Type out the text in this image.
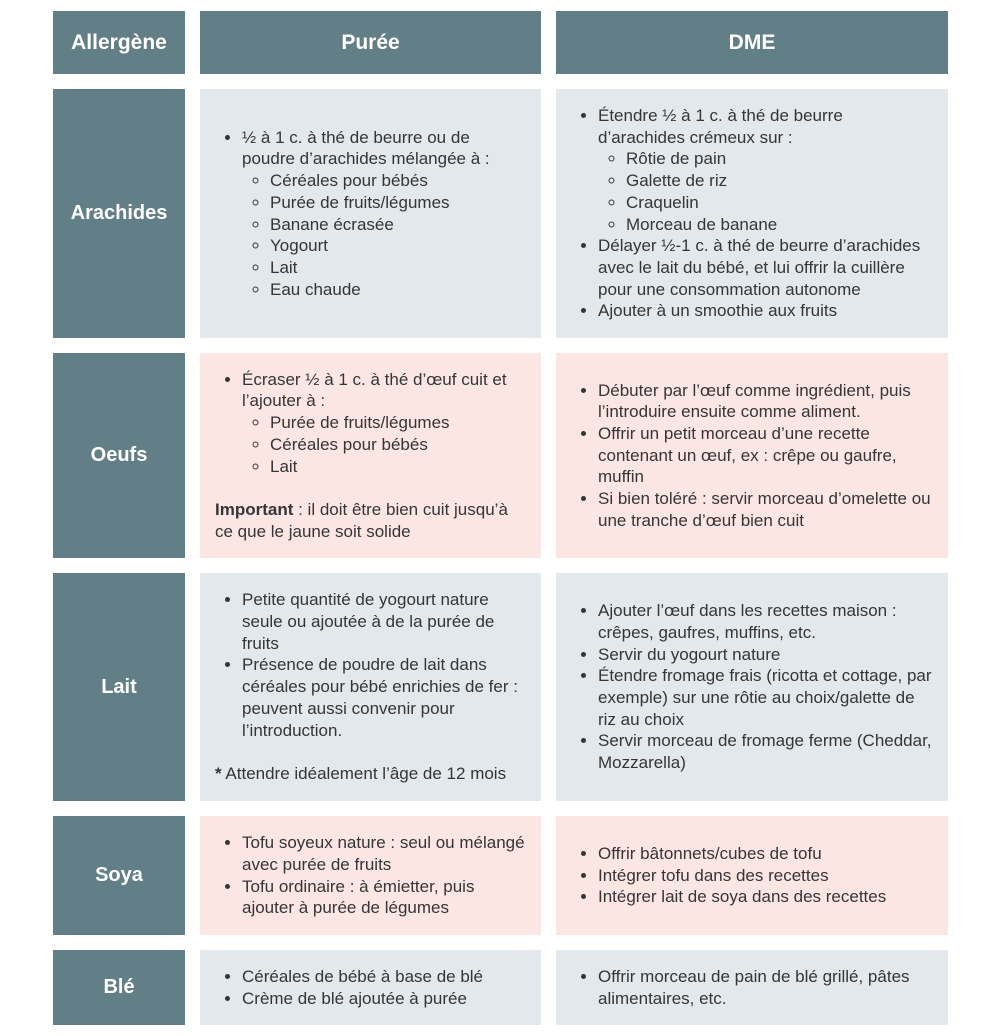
Allergène	Purée	DME
Arachides
• ½ à 1 c. à thé de beurre ou de poudre d’arachides mélangée à :
◦ Céréales pour bébés
◦ Purée de fruits/légumes
◦ Banane écrasée
◦ Yogourt
◦ Lait
◦ Eau chaude
• Étendre ½ à 1 c. à thé de beurre d’arachides crémeux sur :
◦ Rôtie de pain
◦ Galette de riz
◦ Craquelin
◦ Morceau de banane
• Délayer ½-1 c. à thé de beurre d’arachides avec le lait du bébé, et lui offrir la cuillère pour une consommation autonome
• Ajouter à un smoothie aux fruits
Oeufs
• Écraser ½ à 1 c. à thé d’œuf cuit et l’ajouter à :
◦ Purée de fruits/légumes
◦ Céréales pour bébés
◦ Lait

Important : il doit être bien cuit jusqu’à ce que le jaune soit solide

• Débuter par l’œuf comme ingrédient, puis l’introduire ensuite comme aliment.
• Offrir un petit morceau d’une recette contenant un œuf, ex : crêpe ou gaufre, muffin
• Si bien toléré : servir morceau d’omelette ou une tranche d’œuf bien cuit
Lait
• Petite quantité de yogourt nature seule ou ajoutée à de la purée de fruits
• Présence de poudre de lait dans céréales pour bébé enrichies de fer : peuvent aussi convenir pour l’introduction.

* Attendre idéalement l’âge de 12 mois

• Ajouter l’œuf dans les recettes maison : crêpes, gaufres, muffins, etc.
• Servir du yogourt nature
• Étendre fromage frais (ricotta et cottage, par exemple) sur une rôtie au choix/galette de riz au choix
• Servir morceau de fromage ferme (Cheddar, Mozzarella)
Soya
• Tofu soyeux nature : seul ou mélangé avec purée de fruits
• Tofu ordinaire : à émietter, puis ajouter à purée de légumes
• Offrir bâtonnets/cubes de tofu
• Intégrer tofu dans des recettes
• Intégrer lait de soya dans des recettes
Blé
•	Céréales de bébé à base de blé
• Crème de blé ajoutée à purée
• Offrir morceau de pain de blé grillé, pâtes alimentaires, etc.
